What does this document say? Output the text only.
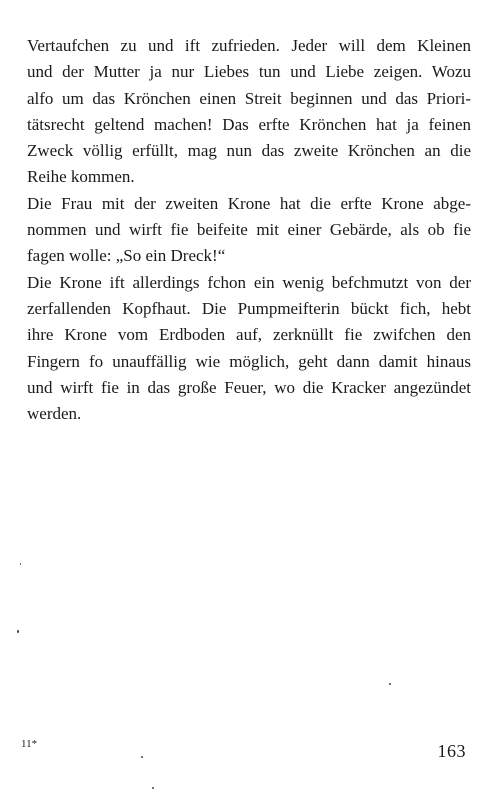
Vertaufchen zu und ift zufrieden. Jeder will dem Kleinen
und der Mutter ja nur Liebes tun und Liebe zeigen. Wozu
alfo um das Krönchen einen Streit beginnen und das Priori-
tätsrecht geltend machen! Das erfte Krönchen hat ja feinen
Zweck völlig erfüllt, mag nun das zweite Krönchen an die
Reihe kommen.
Die Frau mit der zweiten Krone hat die erfte Krone abge-
nommen und wirft fie beifeite mit einer Gebärde, als ob fie
fagen wolle: „So ein Dreck!“
Die Krone ift allerdings fchon ein wenig befchmutzt von der
zerfallenden Kopfhaut. Die Pumpmeifterin bückt fich, hebt
ihre Krone vom Erdboden auf, zerknüllt fie zwifchen den
Fingern fo unauffällig wie möglich, geht dann damit hinaus
und wirft fie in das große Feuer, wo die Kracker angezündet
werden.
11*	163
